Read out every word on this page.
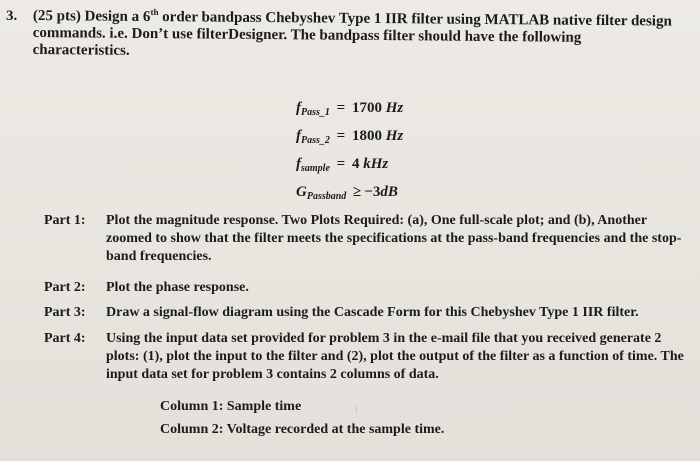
3. (25 pts) Design a 6th order bandpass Chebyshev Type 1 IIR filter using MATLAB native filter design commands. i.e. Don’t use filterDesigner. The bandpass filter should have the following characteristics.
$f_{Pass\_1} = 1700$ Hz
$f_{Pass\_2} = 1800$ Hz
$f_{sample} = 4$ kHz
$G_{Passband} \ge -3dB$
Part 1:	Plot the magnitude response. Two Plots Required: (a), One full-scale plot; and (b), Another zoomed to show that the filter meets the specifications at the pass-band frequencies and the stop-band frequencies.
Part 2:	Plot the phase response.
Part 3:	Draw a signal-flow diagram using the Cascade Form for this Chebyshev Type 1 IIR filter.
Part 4:	Using the input data set provided for problem 3 in the e-mail file that you received generate 2 plots: (1), plot the input to the filter and (2), plot the output of the filter as a function of time. The input data set for problem 3 contains 2 columns of data.
Column 1: Sample time
Column 2: Voltage recorded at the sample time.
